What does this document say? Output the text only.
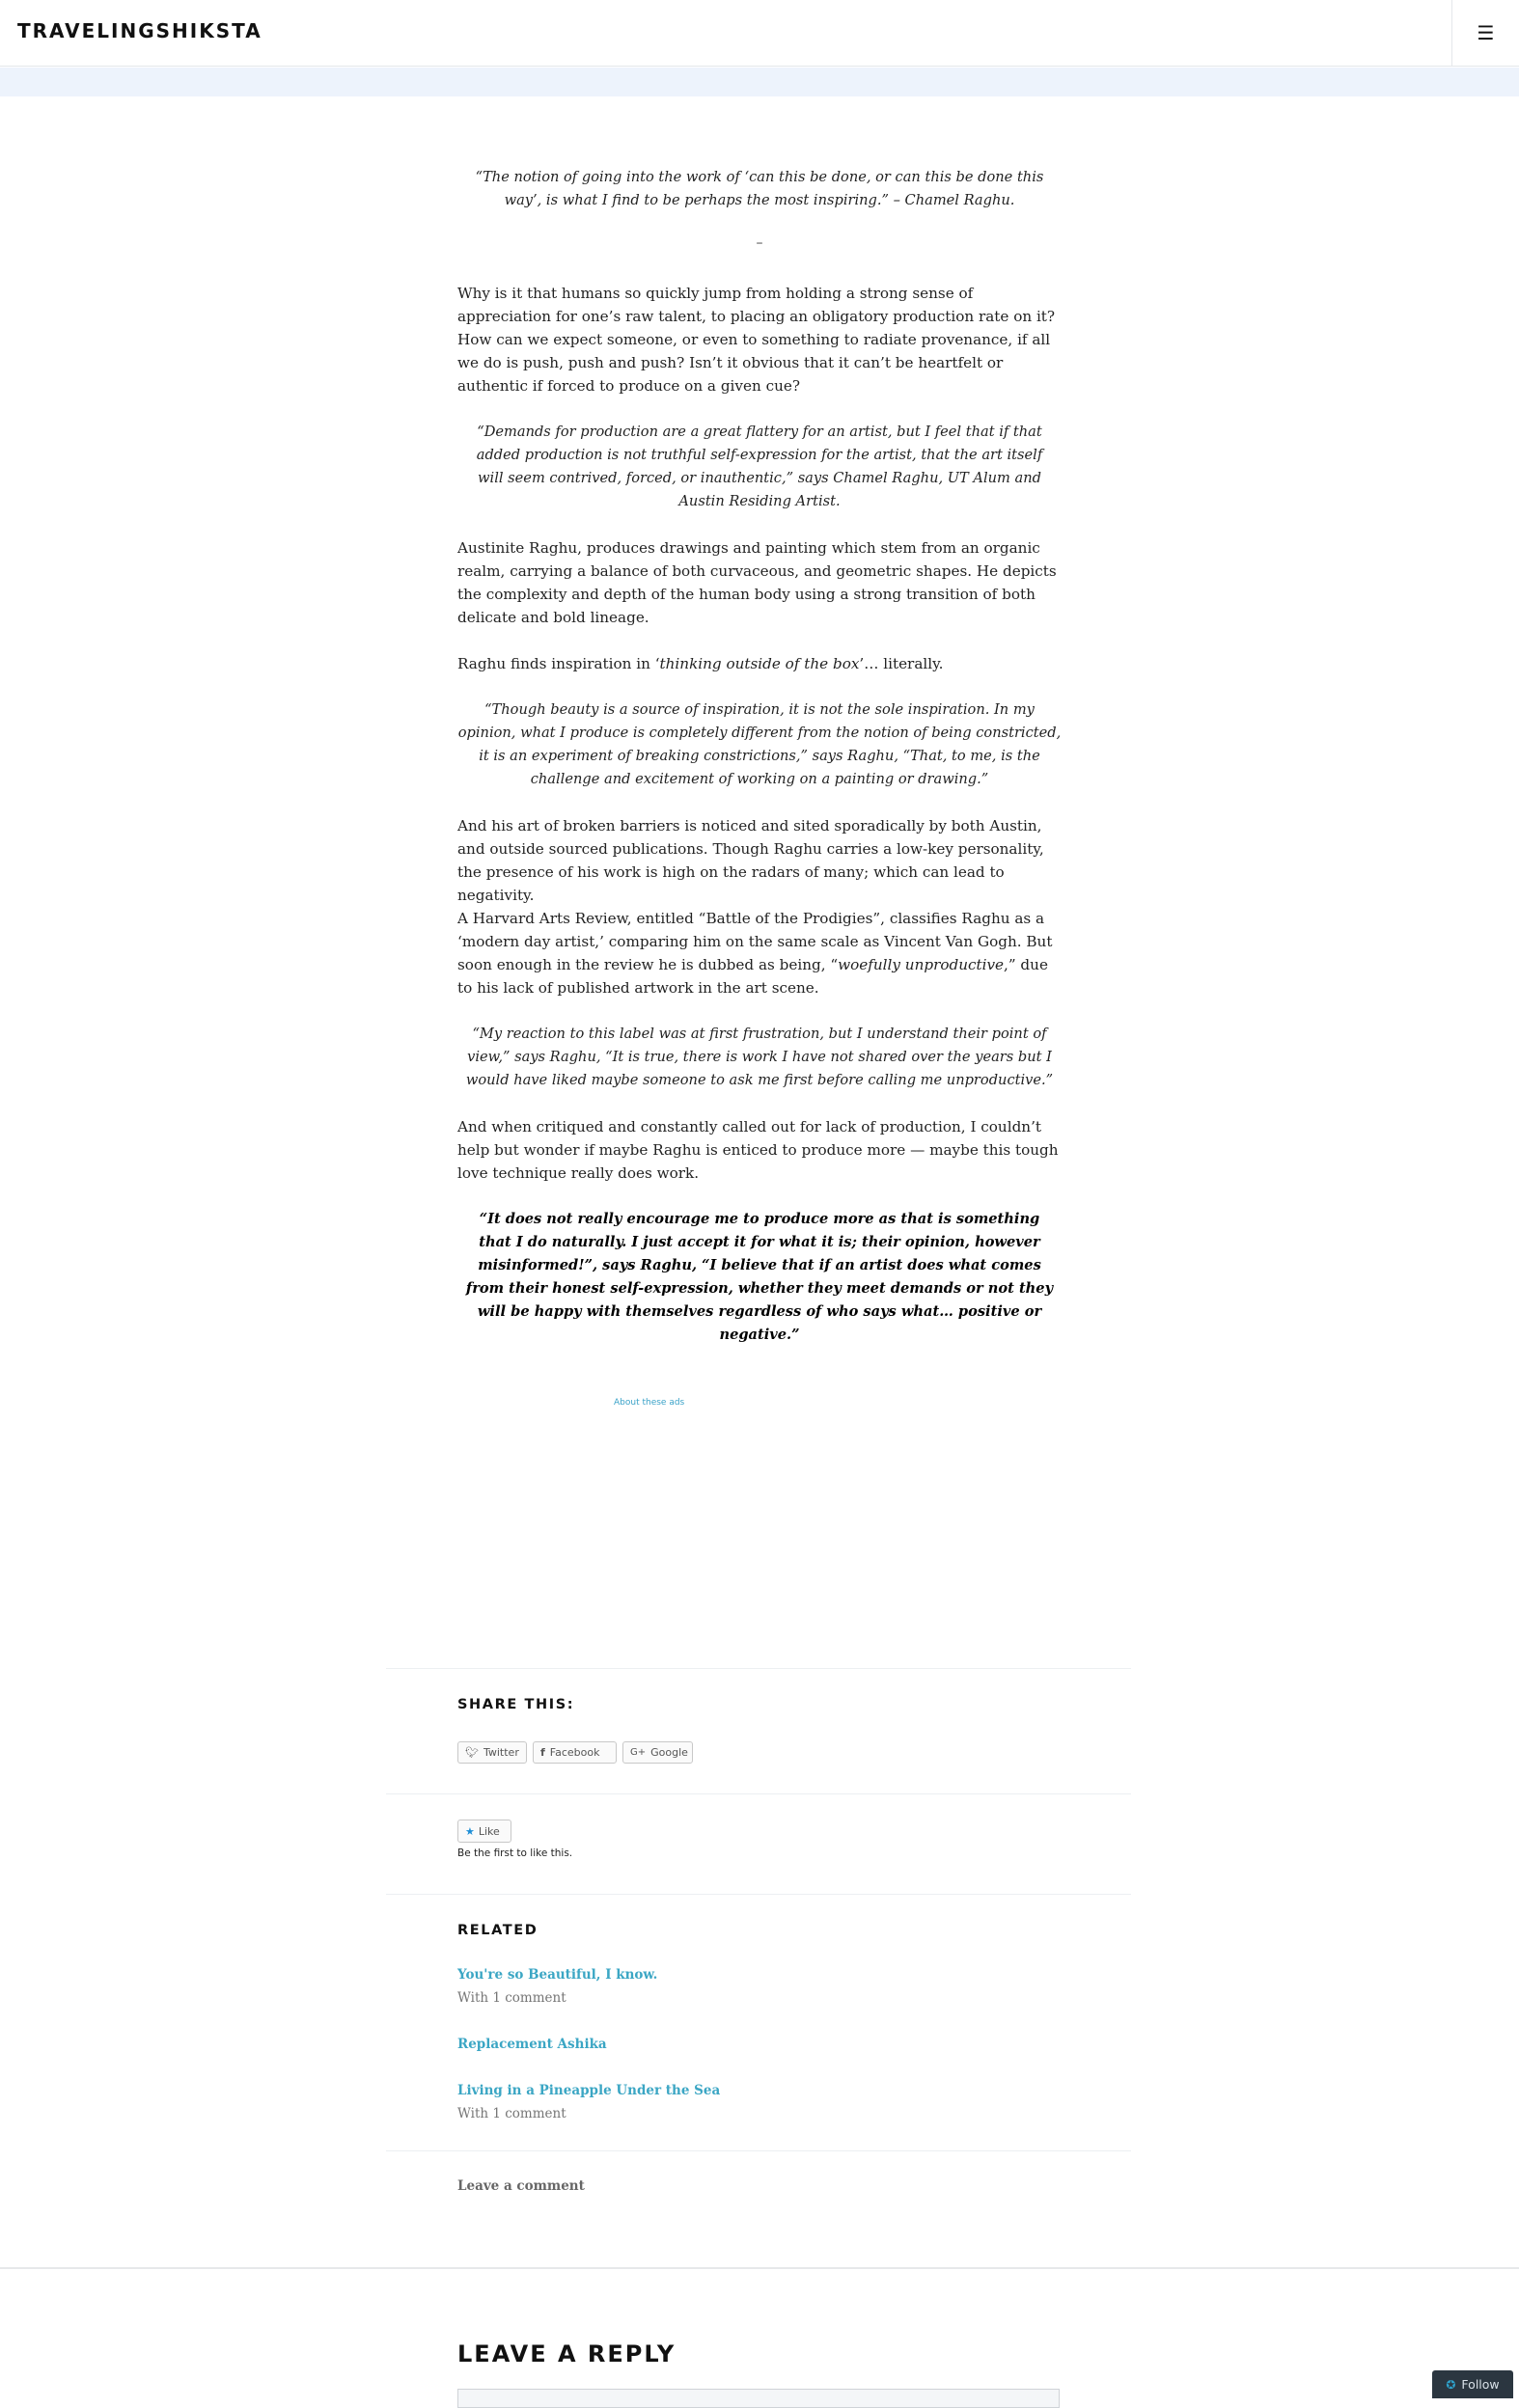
TRAVELINGSHIKSTA	☰

“The notion of going into the work of ‘can this be done, or can this be done this way’, is what I find to be perhaps the most inspiring.” – Chamel Raghu.

–

Why is it that humans so quickly jump from holding a strong sense of appreciation for one’s raw talent, to placing an obligatory production rate on it? How can we expect someone, or even to something to radiate provenance, if all we do is push, push and push? Isn’t it obvious that it can’t be heartfelt or authentic if forced to produce on a given cue?

“Demands for production are a great flattery for an artist, but I feel that if that added production is not truthful self-expression for the artist, that the art itself will seem contrived, forced, or inauthentic,” says Chamel Raghu, UT Alum and Austin Residing Artist.

Austinite Raghu, produces drawings and painting which stem from an organic realm, carrying a balance of both curvaceous, and geometric shapes. He depicts the complexity and depth of the human body using a strong transition of both delicate and bold lineage.

Raghu finds inspiration in ‘thinking outside of the box’… literally.

“Though beauty is a source of inspiration, it is not the sole inspiration. In my opinion, what I produce is completely different from the notion of being constricted, it is an experiment of breaking constrictions,” says Raghu, “That, to me, is the challenge and excitement of working on a painting or drawing.”

And his art of broken barriers is noticed and sited sporadically by both Austin, and outside sourced publications. Though Raghu carries a low-key personality, the presence of his work is high on the radars of many; which can lead to negativity.

A Harvard Arts Review, entitled “Battle of the Prodigies”, classifies Raghu as a ‘modern day artist,’ comparing him on the same scale as Vincent Van Gogh. But soon enough in the review he is dubbed as being, “woefully unproductive,” due to his lack of published artwork in the art scene.

“My reaction to this label was at first frustration, but I understand their point of view,” says Raghu, “It is true, there is work I have not shared over the years but I would have liked maybe someone to ask me first before calling me unproductive.”

And when critiqued and constantly called out for lack of production, I couldn’t help but wonder if maybe Raghu is enticed to produce more — maybe this tough love technique really does work.

“It does not really encourage me to produce more as that is something that I do naturally. I just accept it for what it is; their opinion, however misinformed!”, says Raghu, “I believe that if an artist does what comes from their honest self-expression, whether they meet demands or not they will be happy with themselves regardless of who says what… positive or negative.”

About these ads
SHARE THIS:
🐦︎ Twitter f Facebook	G+ Google
★ Like
Be the first to like this.
RELATED
You're so Beautiful, I know.
With 1 comment
Replacement Ashika
Living in a Pineapple Under the Sea
With 1 comment
Leave a comment
LEAVE A REPLY
✪ Follow
